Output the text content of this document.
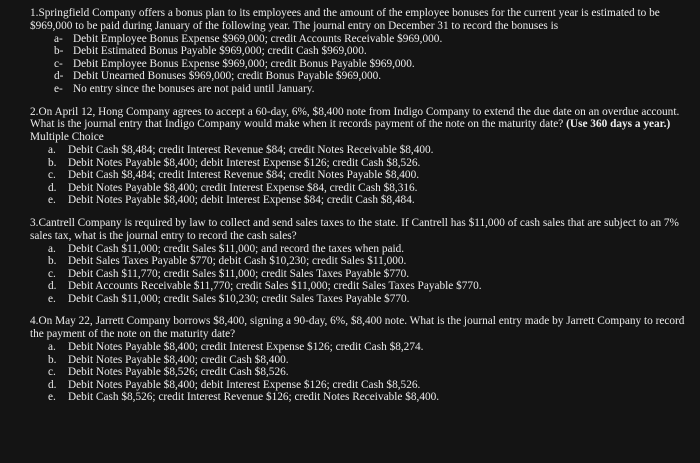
1.Springfield Company offers a bonus plan to its employees and the amount of the employee bonuses for the current year is estimated to be $969,000 to be paid during January of the following year. The journal entry on December 31 to record the bonuses is

a- Debit Employee Bonus Expense $969,000; credit Accounts Receivable $969,000.
b- Debit Estimated Bonus Payable $969,000; credit Cash $969,000.
c- Debit Employee Bonus Expense $969,000; credit Bonus Payable $969,000.
d- Debit Unearned Bonuses $969,000; credit Bonus Payable $969,000.
e- No entry since the bonuses are not paid until January.

2.On April 12, Hong Company agrees to accept a 60-day, 6%, $8,400 note from Indigo Company to extend the due date on an overdue account. What is the journal entry that Indigo Company would make when it records payment of the note on the maturity date? (Use 360 days a year.)

Multiple Choice

a.	Debit Cash $8,484; credit Interest Revenue $84; credit Notes Receivable $8,400.
b.	Debit Notes Payable $8,400; debit Interest Expense $126; credit Cash $8,526.
c.	Debit Cash $8,484; credit Interest Revenue $84; credit Notes Payable $8,400.
d.	Debit Notes Payable $8,400; credit Interest Expense $84, credit Cash $8,316.
e.	Debit Notes Payable $8,400; debit Interest Expense $84; credit Cash $8,484.

3.Cantrell Company is required by law to collect and send sales taxes to the state. If Cantrell has $11,000 of cash sales that are subject to an 7% sales tax, what is the journal entry to record the cash sales?

a.	Debit Cash $11,000; credit Sales $11,000; and record the taxes when paid.
b.	Debit Sales Taxes Payable $770; debit Cash $10,230; credit Sales $11,000.
c.	Debit Cash $11,770; credit Sales $11,000; credit Sales Taxes Payable $770.
d.	Debit Accounts Receivable $11,770; credit Sales $11,000; credit Sales Taxes Payable $770.
e.	Debit Cash $11,000; credit Sales $10,230; credit Sales Taxes Payable $770.

4.On May 22, Jarrett Company borrows $8,400, signing a 90-day, 6%, $8,400 note. What is the journal entry made by Jarrett Company to record the payment of the note on the maturity date?

a.	Debit Notes Payable $8,400; credit Interest Expense $126; credit Cash $8,274.
b.	Debit Notes Payable $8,400; credit Cash $8,400.
c.	Debit Notes Payable $8,526; credit Cash $8,526.
d.	Debit Notes Payable $8,400; debit Interest Expense $126; credit Cash $8,526.
e.	Debit Cash $8,526; credit Interest Revenue $126; credit Notes Receivable $8,400.
